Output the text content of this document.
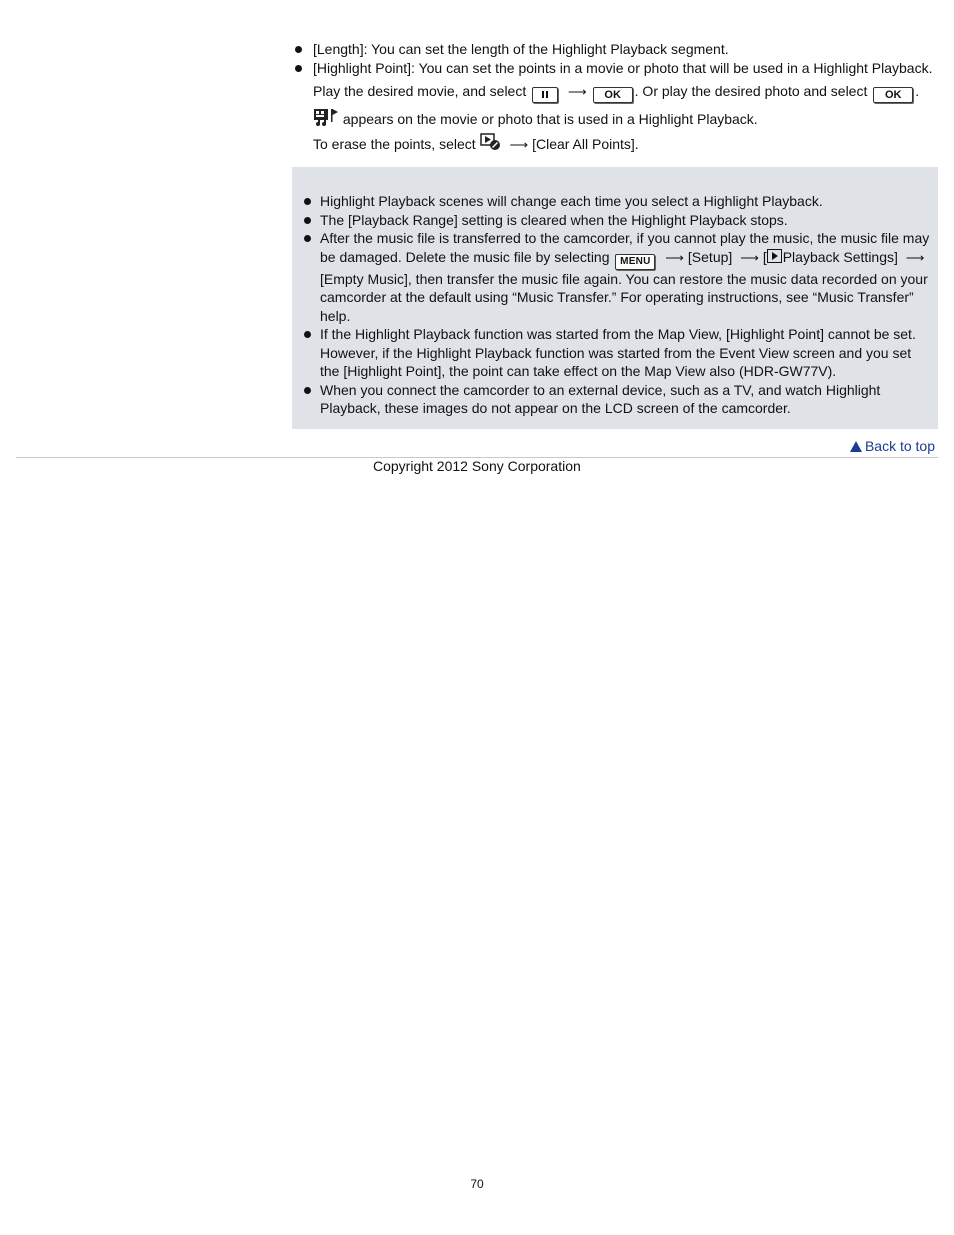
[Length]: You can set the length of the Highlight Playback segment.
[Highlight Point]: You can set the points in a movie or photo that will be used in a Highlight Playback.
Play the desired movie, and select	⟶ OK . Or play the desired photo and select OK .
appears on the movie or photo that is used in a Highlight Playback.
To erase the points, select	⟶ [Clear All Points].
Highlight Playback scenes will change each time you select a Highlight Playback.
The [Playback Range] setting is cleared when the Highlight Playback stops.
After the music file is transferred to the camcorder, if you cannot play the music, the music file may be damaged. Delete the music file by selecting MENU ⟶ [Setup] ⟶ [ Playback Settings] ⟶ [Empty Music], then transfer the music file again. You can restore the music data recorded on your camcorder at the default using “Music Transfer.” For operating instructions, see “Music Transfer” help.
If the Highlight Playback function was started from the Map View, [Highlight Point] cannot be set. However, if the Highlight Playback function was started from the Event View screen and you set the [Highlight Point], the point can take effect on the Map View also (HDR-GW77V).
When you connect the camcorder to an external device, such as a TV, and watch Highlight Playback, these images do not appear on the LCD screen of the camcorder.
Back to top
Copyright 2012 Sony Corporation
70
